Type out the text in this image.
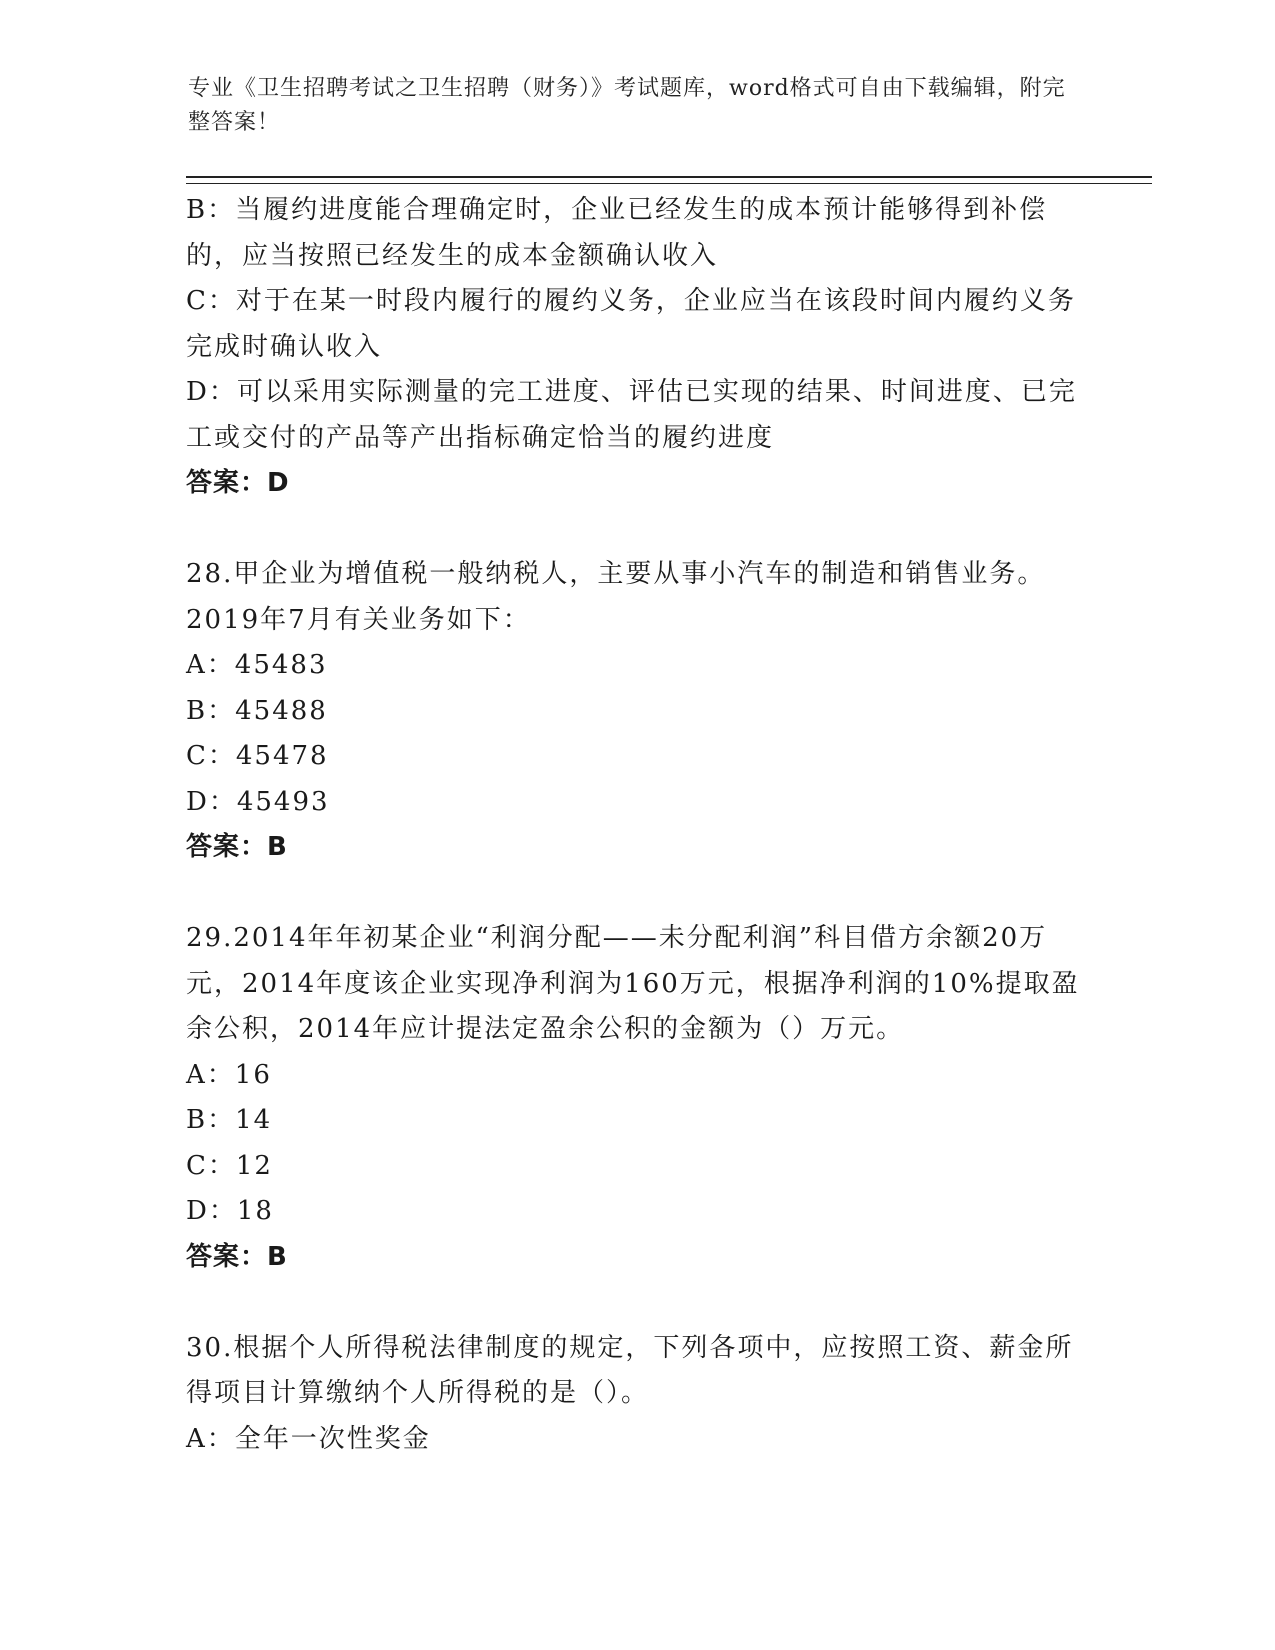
专业《卫生招聘考试之卫生招聘（财务）》考试题库，word格式可自由下载编辑，附完整答案！

B：当履约进度能合理确定时，企业已经发生的成本预计能够得到补偿的，应当按照已经发生的成本金额确认收入

C：对于在某一时段内履行的履约义务，企业应当在该段时间内履约义务完成时确认收入

D：可以采用实际测量的完工进度、评估已实现的结果、时间进度、已完工或交付的产品等产出指标确定恰当的履约进度

答案：D

28.甲企业为增值税一般纳税人，主要从事小汽车的制造和销售业务。2019年7月有关业务如下：

A：45483

B：45488

C：45478

D：45493

答案：B

29.2014年年初某企业“利润分配——未分配利润”科目借方余额20万元，2014年度该企业实现净利润为160万元，根据净利润的10%提取盈余公积，2014年应计提法定盈余公积的金额为（）万元。

A：16

B：14

C：12

D：18

答案：B

30.根据个人所得税法律制度的规定，下列各项中，应按照工资、薪金所得项目计算缴纳个人所得税的是（）。

A：全年一次性奖金
